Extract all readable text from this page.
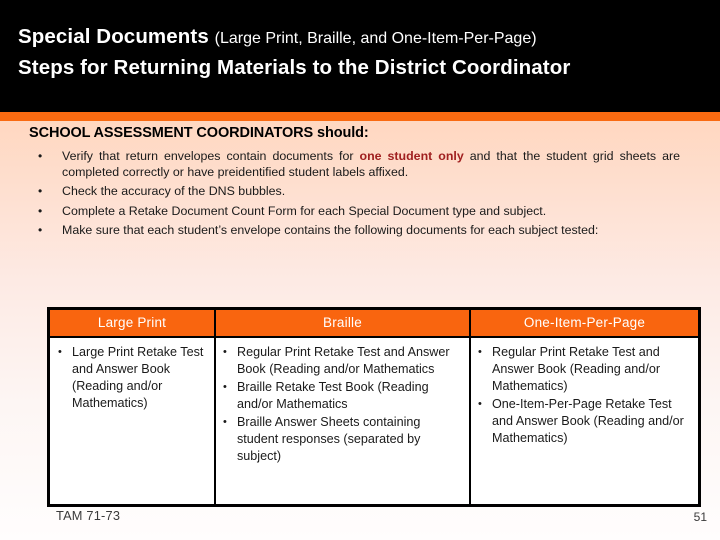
Special Documents (Large Print, Braille, and One-Item-Per-Page)
Steps for Returning Materials to the District Coordinator
SCHOOL ASSESSMENT COORDINATORS should:
• Verify that return envelopes contain documents for one student only and that the student grid sheets are completed correctly or have preidentified student labels affixed.
• Check the accuracy of the DNS bubbles.
• Complete a Retake Document Count Form for each Special Document type and subject.
• Make sure that each student’s envelope contains the following documents for each subject tested:
Large Print	Braille	One-Item-Per-Page

• Large Print Retake Test and Answer Book (Reading and/or Mathematics)

• Regular Print Retake Test and Answer Book (Reading and/or Mathematics
• Braille Retake Test Book (Reading and/or Mathematics
• Braille Answer Sheets containing student responses (separated by subject)

• Regular Print Retake Test and Answer Book (Reading and/or Mathematics)
• One-Item-Per-Page Retake Test and Answer Book (Reading and/or Mathematics)
TAM 71-73	51
